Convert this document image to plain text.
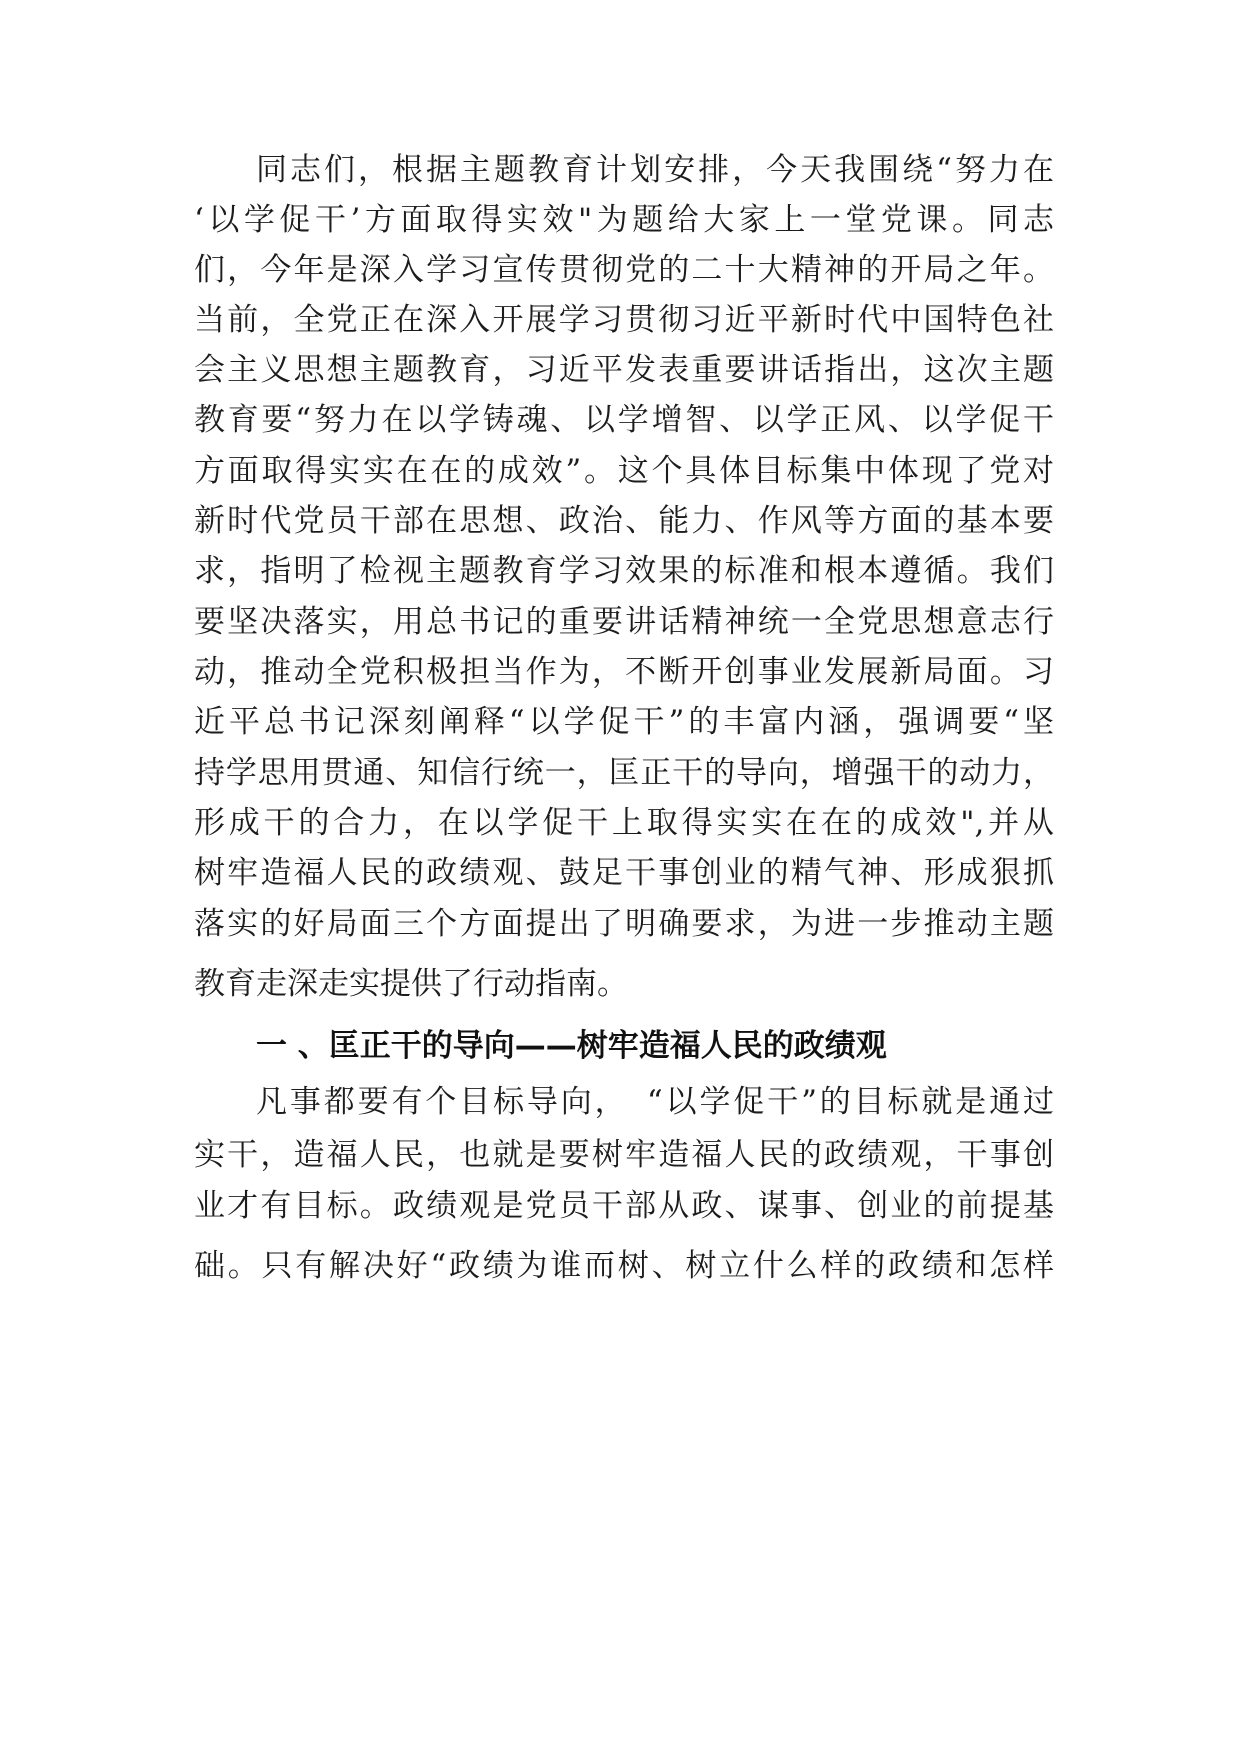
同志们，根据主题教育计划安排，今天我围绕“努力在

‘以学促干’方面取得实效"为题给大家上一堂党课。同志

们，今年是深入学习宣传贯彻党的二十大精神的开局之年。

当前，全党正在深入开展学习贯彻习近平新时代中国特色社

会主义思想主题教育，习近平发表重要讲话指出，这次主题

教育要“努力在以学铸魂、以学增智、以学正风、以学促干

方面取得实实在在的成效”。这个具体目标集中体现了党对

新时代党员干部在思想、政治、能力、作风等方面的基本要

求，指明了检视主题教育学习效果的标准和根本遵循。我们

要坚决落实，用总书记的重要讲话精神统一全党思想意志行

动，推动全党积极担当作为，不断开创事业发展新局面。习

近平总书记深刻阐释“以学促干”的丰富内涵，强调要“坚

持学思用贯通、知信行统一，匡正干的导向，增强干的动力，

形成干的合力，在以学促干上取得实实在在的成效",并从

树牢造福人民的政绩观、鼓足干事创业的精气神、形成狠抓

落实的好局面三个方面提出了明确要求，为进一步推动主题

教育走深走实提供了行动指南。

一 、匡正干的导向——树牢造福人民的政绩观

凡事都要有个目标导向，　“以学促干”的目标就是通过

实干，造福人民，也就是要树牢造福人民的政绩观，干事创

业才有目标。政绩观是党员干部从政、谋事、创业的前提基

础。只有解决好“政绩为谁而树、树立什么样的政绩和怎样
